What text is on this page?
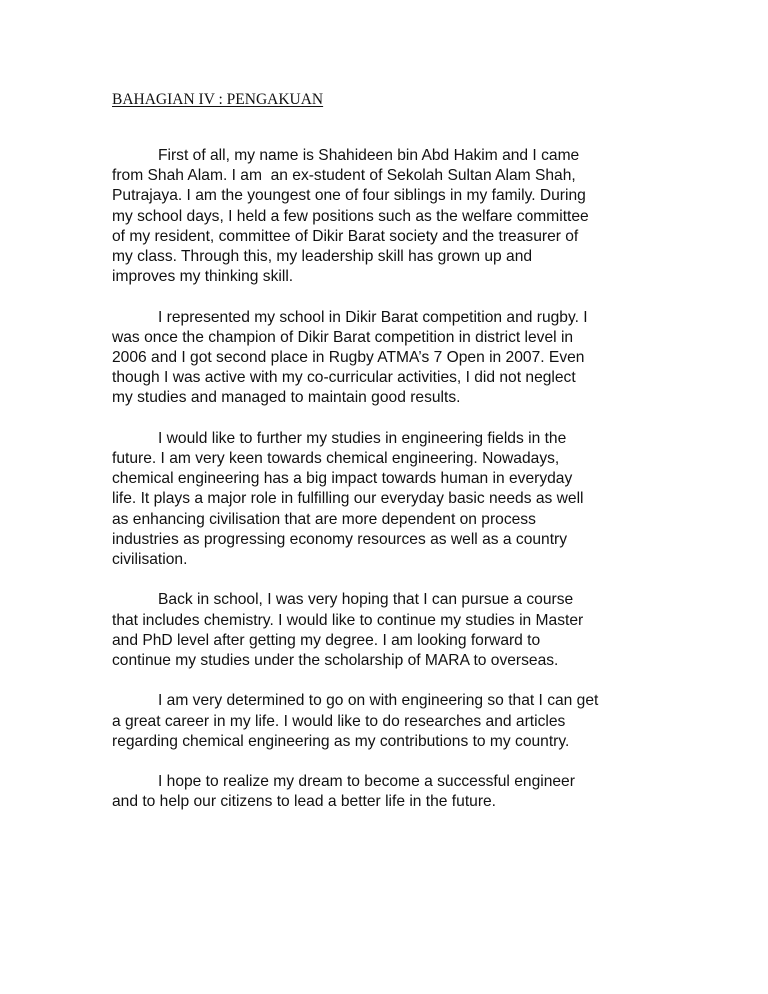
BAHAGIAN IV : PENGAKUAN

First of all, my name is Shahideen bin Abd Hakim and I came
from Shah Alam. I am  an ex-student of Sekolah Sultan Alam Shah,
Putrajaya. I am the youngest one of four siblings in my family. During
my school days, I held a few positions such as the welfare committee
of my resident, committee of Dikir Barat society and the treasurer of
my class. Through this, my leadership skill has grown up and
improves my thinking skill.

I represented my school in Dikir Barat competition and rugby. I
was once the champion of Dikir Barat competition in district level in
2006 and I got second place in Rugby ATMA’s 7 Open in 2007. Even
though I was active with my co-curricular activities, I did not neglect
my studies and managed to maintain good results.

I would like to further my studies in engineering fields in the
future. I am very keen towards chemical engineering. Nowadays,
chemical engineering has a big impact towards human in everyday
life. It plays a major role in fulfilling our everyday basic needs as well
as enhancing civilisation that are more dependent on process
industries as progressing economy resources as well as a country
civilisation.

Back in school, I was very hoping that I can pursue a course
that includes chemistry. I would like to continue my studies in Master
and PhD level after getting my degree. I am looking forward to
continue my studies under the scholarship of MARA to overseas.

I am very determined to go on with engineering so that I can get
a great career in my life. I would like to do researches and articles
regarding chemical engineering as my contributions to my country.

I hope to realize my dream to become a successful engineer
and to help our citizens to lead a better life in the future.
